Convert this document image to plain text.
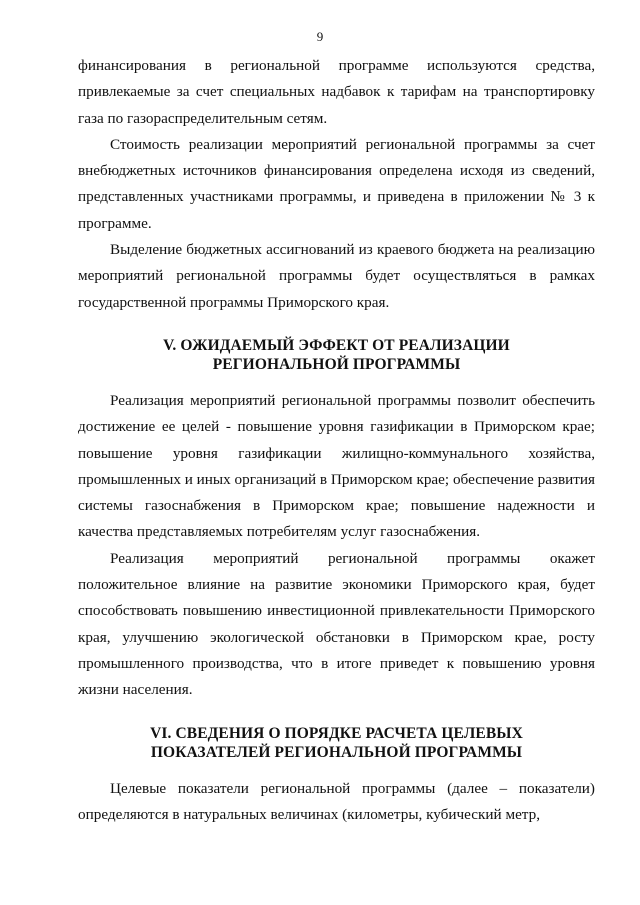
9

финансирования в региональной программе используются средства, привлекаемые за счет специальных надбавок к тарифам на транспортировку газа по газораспределительным сетям.

Стоимость реализации мероприятий региональной программы за счет внебюджетных источников финансирования определена исходя из сведений, представленных участниками программы, и приведена в приложении № 3 к программе.

Выделение бюджетных ассигнований из краевого бюджета на реализацию мероприятий региональной программы будет осуществляться в рамках государственной программы Приморского края.

V. ОЖИДАЕМЫЙ ЭФФЕКТ ОТ РЕАЛИЗАЦИИ
РЕГИОНАЛЬНОЙ ПРОГРАММЫ

Реализация мероприятий региональной программы позволит обеспечить достижение ее целей - повышение уровня газификации в Приморском крае; повышение уровня газификации жилищно-коммунального хозяйства, промышленных и иных организаций в Приморском крае; обеспечение развития системы газоснабжения в Приморском крае; повышение надежности и качества представляемых потребителям услуг газоснабжения.

Реализация мероприятий региональной программы окажет положительное влияние на развитие экономики Приморского края, будет способствовать повышению инвестиционной привлекательности Приморского края, улучшению экологической обстановки в Приморском крае, росту промышленного производства, что в итоге приведет к повышению уровня жизни населения.

VI. СВЕДЕНИЯ О ПОРЯДКЕ РАСЧЕТА ЦЕЛЕВЫХ
ПОКАЗАТЕЛЕЙ РЕГИОНАЛЬНОЙ ПРОГРАММЫ

Целевые показатели региональной программы (далее – показатели) определяются в натуральных величинах (километры, кубический метр,
